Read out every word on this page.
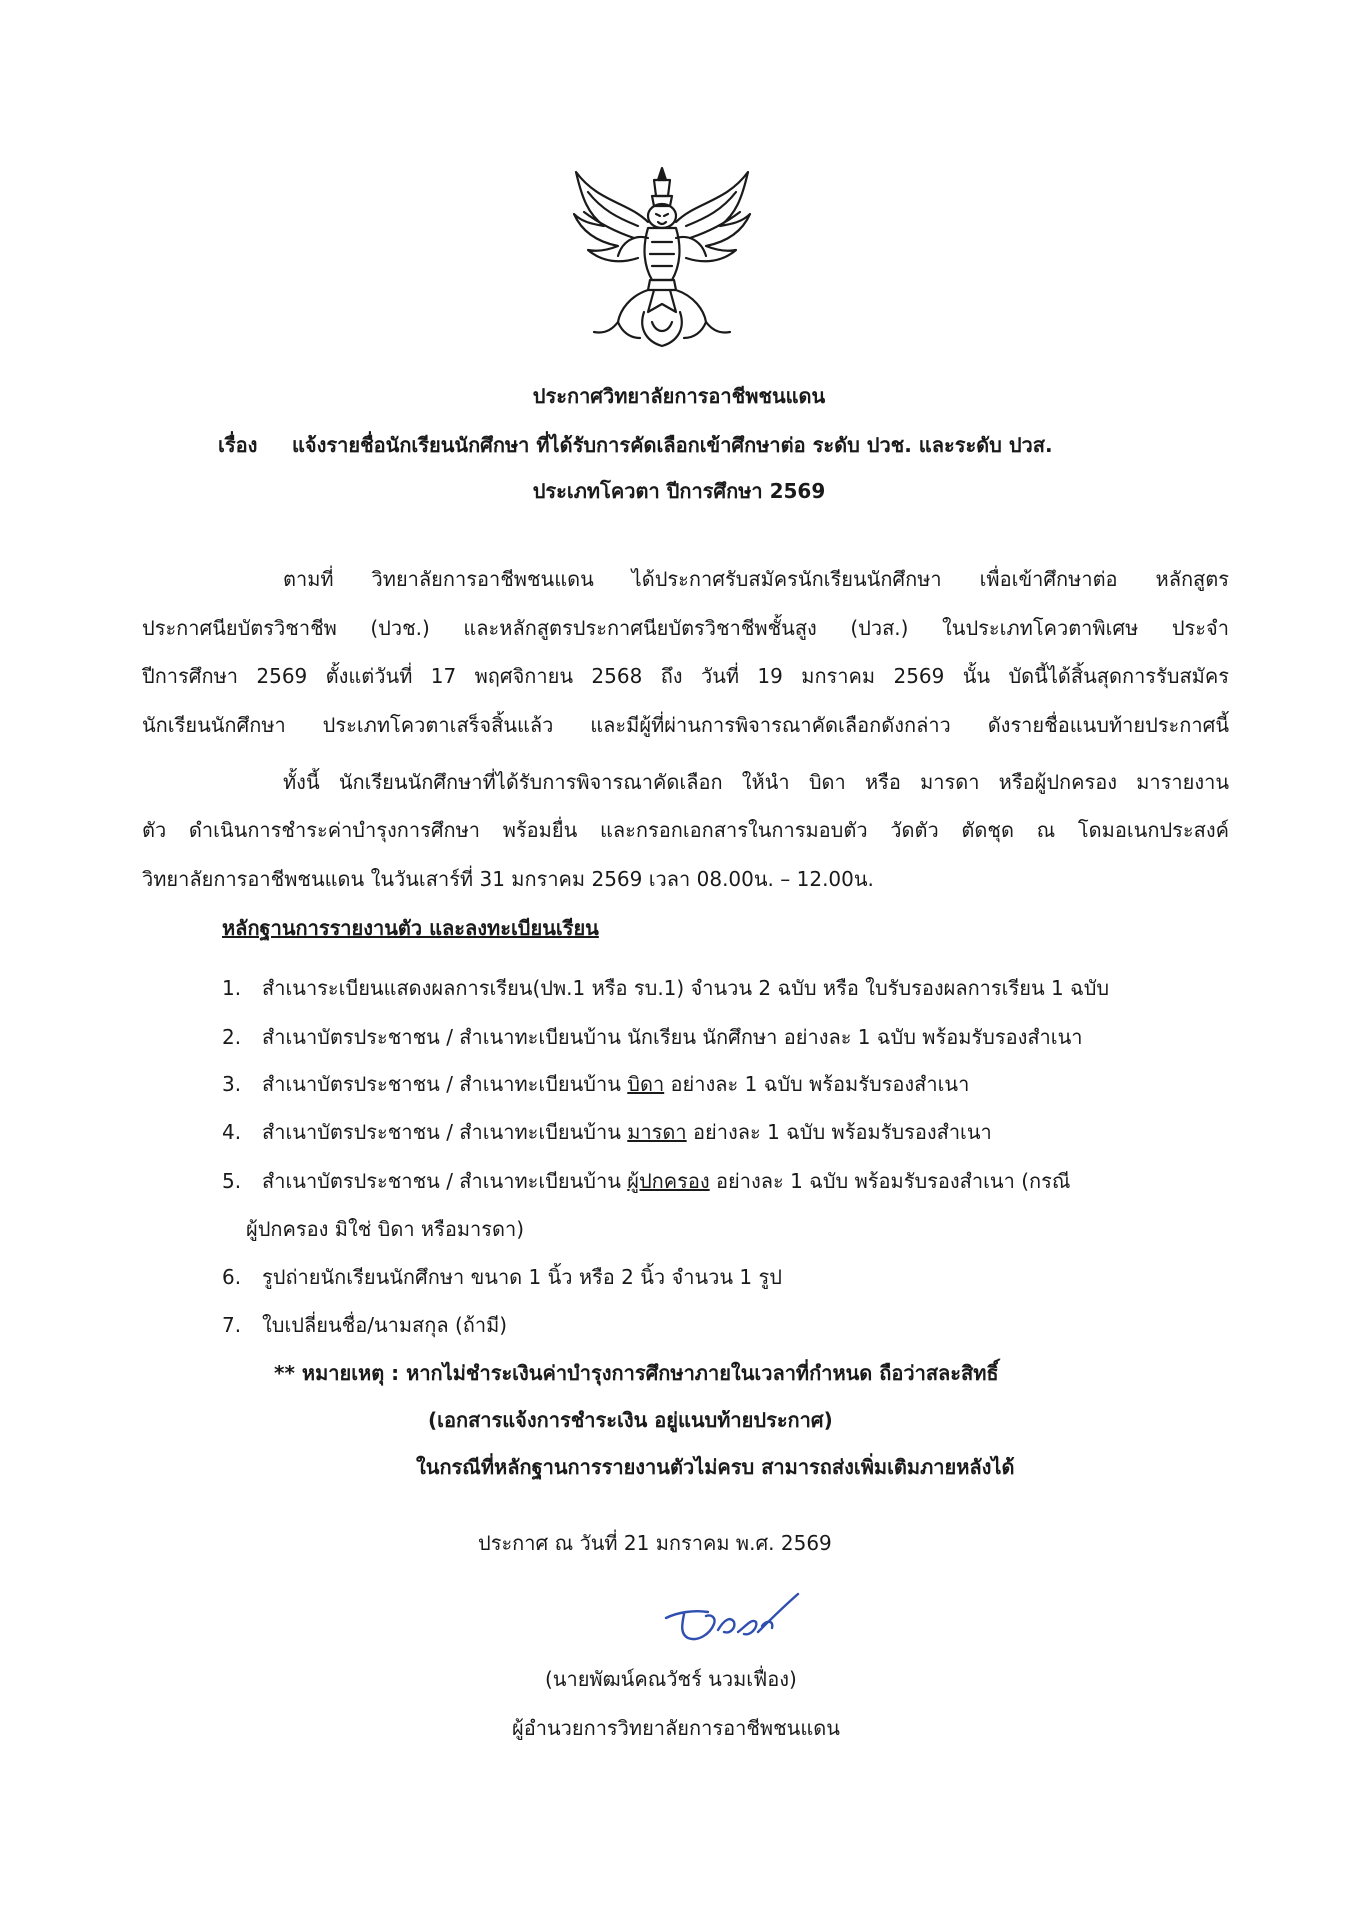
ประกาศวิทยาลัยการอาชีพชนแดน
เรื่อง แจ้งรายชื่อนักเรียนนักศึกษา ที่ได้รับการคัดเลือกเข้าศึกษาต่อ ระดับ ปวช. และระดับ ปวส.
ประเภทโควตา ปีการศึกษา 2569
ตามที่ วิทยาลัยการอาชีพชนแดน ได้ประกาศรับสมัครนักเรียนนักศึกษา เพื่อเข้าศึกษาต่อ หลักสูตร
ประกาศนียบัตรวิชาชีพ (ปวช.) และหลักสูตรประกาศนียบัตรวิชาชีพชั้นสูง (ปวส.) ในประเภทโควตาพิเศษ ประจำ
ปีการศึกษา 2569 ตั้งแต่วันที่ 17 พฤศจิกายน 2568 ถึง วันที่ 19 มกราคม 2569 นั้น บัดนี้ได้สิ้นสุดการรับสมัคร
นักเรียนนักศึกษา ประเภทโควตาเสร็จสิ้นแล้ว และมีผู้ที่ผ่านการพิจารณาคัดเลือกดังกล่าว ดังรายชื่อแนบท้ายประกาศนี้
ทั้งนี้ นักเรียนนักศึกษาที่ได้รับการพิจารณาคัดเลือก ให้นำ บิดา หรือ มารดา หรือผู้ปกครอง มารายงาน
ตัว ดำเนินการชำระค่าบำรุงการศึกษา พร้อมยื่น และกรอกเอกสารในการมอบตัว วัดตัว ตัดชุด ณ โดมอเนกประสงค์
วิทยาลัยการอาชีพชนแดน ในวันเสาร์ที่ 31 มกราคม 2569 เวลา 08.00น. – 12.00น.
หลักฐานการรายงานตัว และลงทะเบียนเรียน
1. สำเนาระเบียนแสดงผลการเรียน(ปพ.1 หรือ รบ.1) จำนวน 2 ฉบับ หรือ ใบรับรองผลการเรียน 1 ฉบับ
2. สำเนาบัตรประชาชน / สำเนาทะเบียนบ้าน นักเรียน นักศึกษา อย่างละ 1 ฉบับ พร้อมรับรองสำเนา
3. สำเนาบัตรประชาชน / สำเนาทะเบียนบ้าน บิดา อย่างละ 1 ฉบับ พร้อมรับรองสำเนา
4. สำเนาบัตรประชาชน / สำเนาทะเบียนบ้าน มารดา อย่างละ 1 ฉบับ พร้อมรับรองสำเนา
5. สำเนาบัตรประชาชน / สำเนาทะเบียนบ้าน ผู้ปกครอง อย่างละ 1 ฉบับ พร้อมรับรองสำเนา (กรณี
ผู้ปกครอง มิใช่ บิดา หรือมารดา)
6. รูปถ่ายนักเรียนนักศึกษา ขนาด 1 นิ้ว หรือ 2 นิ้ว จำนวน 1 รูป
7. ใบเปลี่ยนชื่อ/นามสกุล (ถ้ามี)
** หมายเหตุ : หากไม่ชำระเงินค่าบำรุงการศึกษาภายในเวลาที่กำหนด ถือว่าสละสิทธิ์
(เอกสารแจ้งการชำระเงิน อยู่แนบท้ายประกาศ)
ในกรณีที่หลักฐานการรายงานตัวไม่ครบ สามารถส่งเพิ่มเติมภายหลังได้
ประกาศ ณ วันที่ 21 มกราคม พ.ศ. 2569
(นายพัฒน์คณวัชร์ นวมเฟื่อง)
ผู้อำนวยการวิทยาลัยการอาชีพชนแดน
